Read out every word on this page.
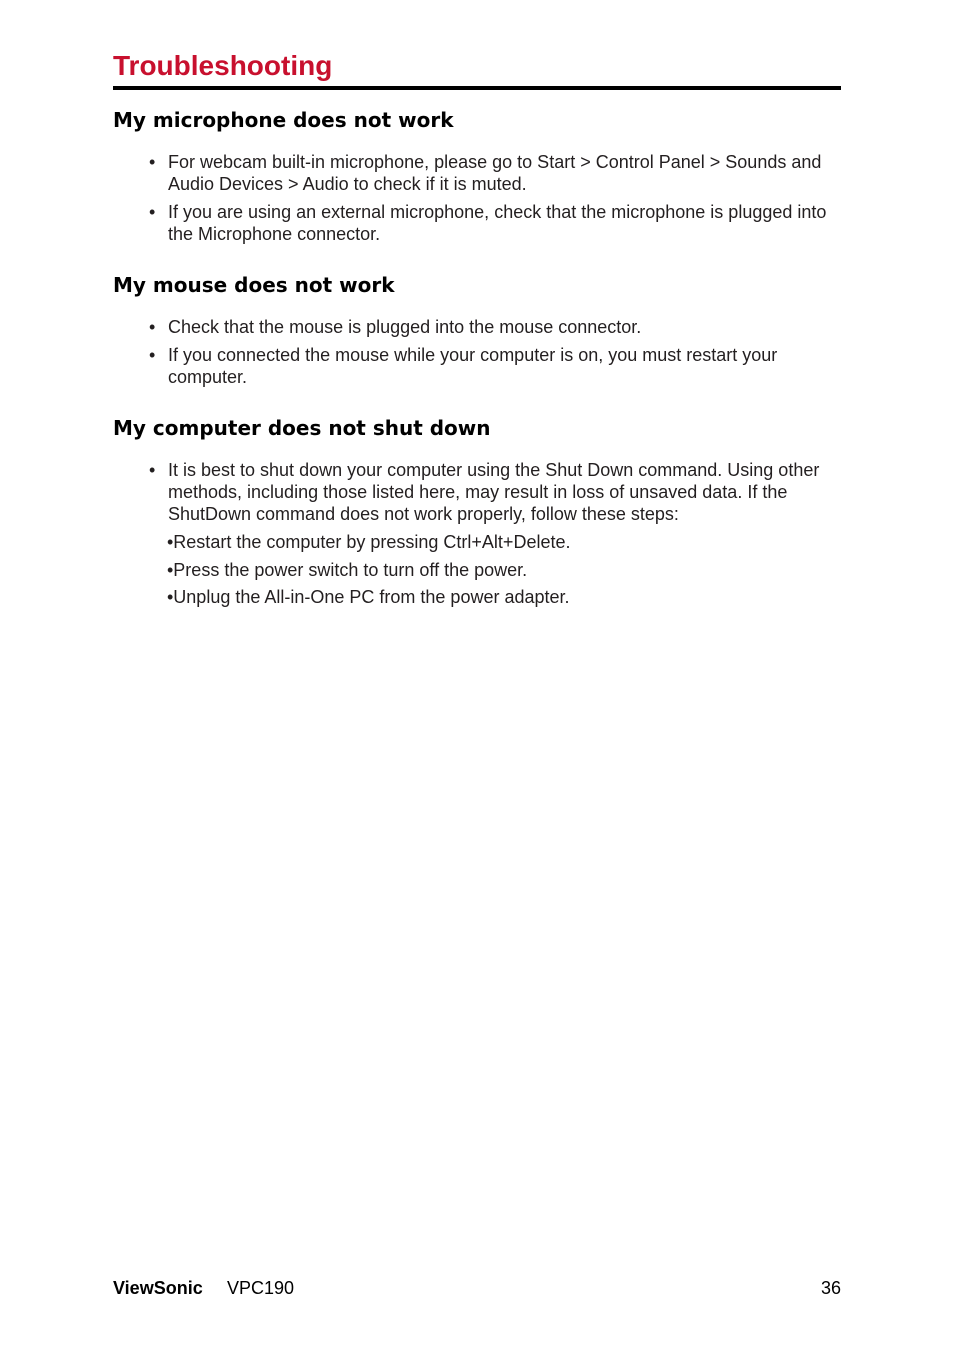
Troubleshooting
My microphone does not work
• For webcam built-in microphone, please go to Start > Control Panel > Sounds and Audio Devices > Audio to check if it is muted.
• If you are using an external microphone, check that the microphone is plugged into the Microphone connector.
My mouse does not work
• Check that the mouse is plugged into the mouse connector.
• If you connected the mouse while your computer is on, you must restart your computer.
My computer does not shut down
• It is best to shut down your computer using the Shut Down command. Using other methods, including those listed here, may result in loss of unsaved data. If the ShutDown command does not work properly, follow these steps:
•Restart the computer by pressing Ctrl+Alt+Delete.
•Press the power switch to turn off the power.
•Unplug the All-in-One PC from the power adapter.
ViewSonic VPC190	36
